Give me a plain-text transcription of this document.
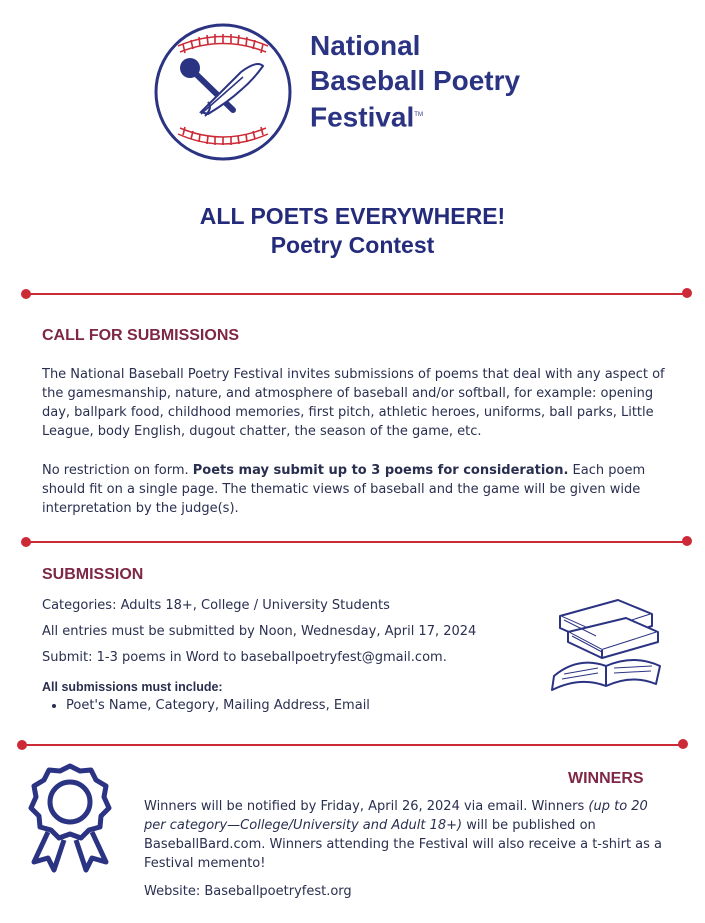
National
Baseball Poetry
Festival™
ALL POETS EVERYWHERE!
Poetry Contest
CALL FOR SUBMISSIONS
The National Baseball Poetry Festival invites submissions of poems that deal with any aspect of the gamesmanship, nature, and atmosphere of baseball and/or softball, for example: opening day, ballpark food, childhood memories, first pitch, athletic heroes, uniforms, ball parks, Little League, body English, dugout chatter, the season of the game, etc.
No restriction on form. Poets may submit up to 3 poems for consideration. Each poem should fit on a single page. The thematic views of baseball and the game will be given wide interpretation by the judge(s).
SUBMISSION
Categories: Adults 18+, College / University Students
All entries must be submitted by Noon, Wednesday, April 17, 2024
Submit: 1-3 poems in Word to baseballpoetryfest@gmail.com.
All submissions must include:
Poet's Name, Category, Mailing Address, Email
WINNERS
Winners will be notified by Friday, April 26, 2024 via email. Winners (up to 20 per category—College/University and Adult 18+) will be published on BaseballBard.com. Winners attending the Festival will also receive a t-shirt as a Festival memento!
Website: Baseballpoetryfest.org
